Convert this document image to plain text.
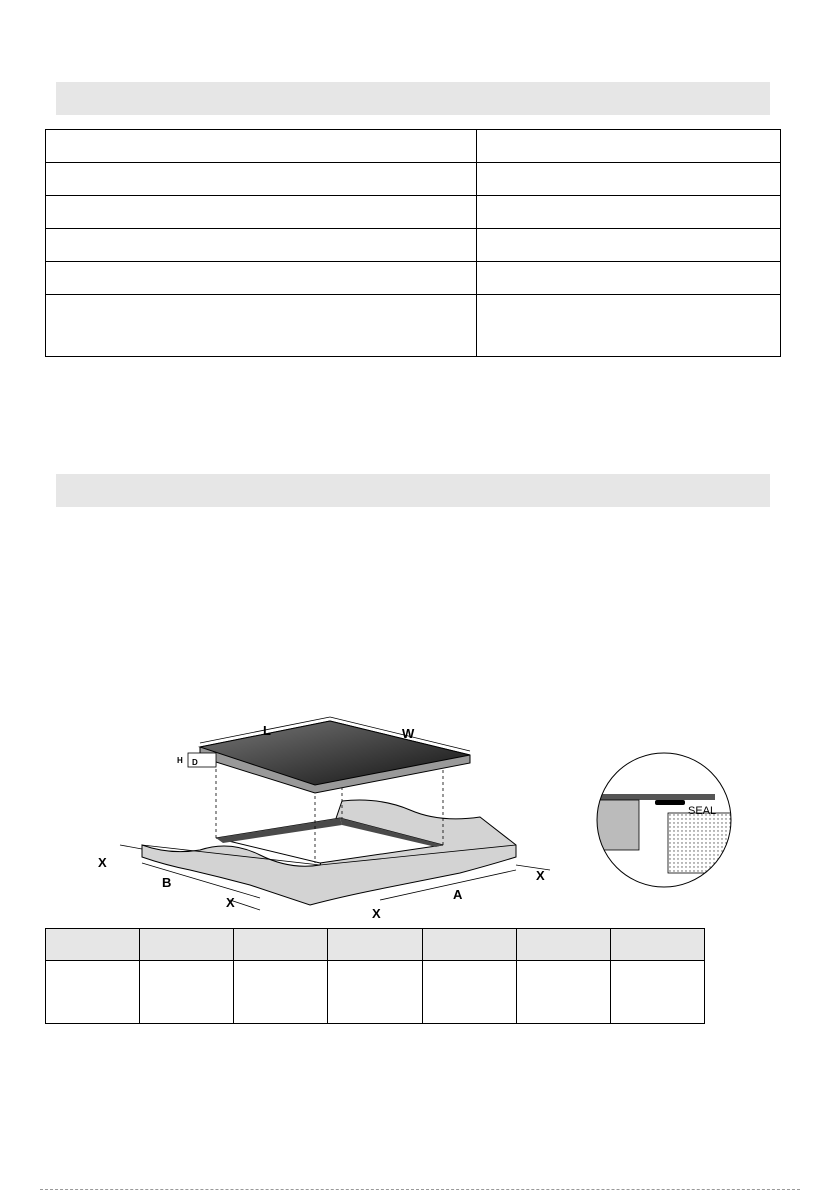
L	W
H D
X
B
X
X
A
X
SEAL
